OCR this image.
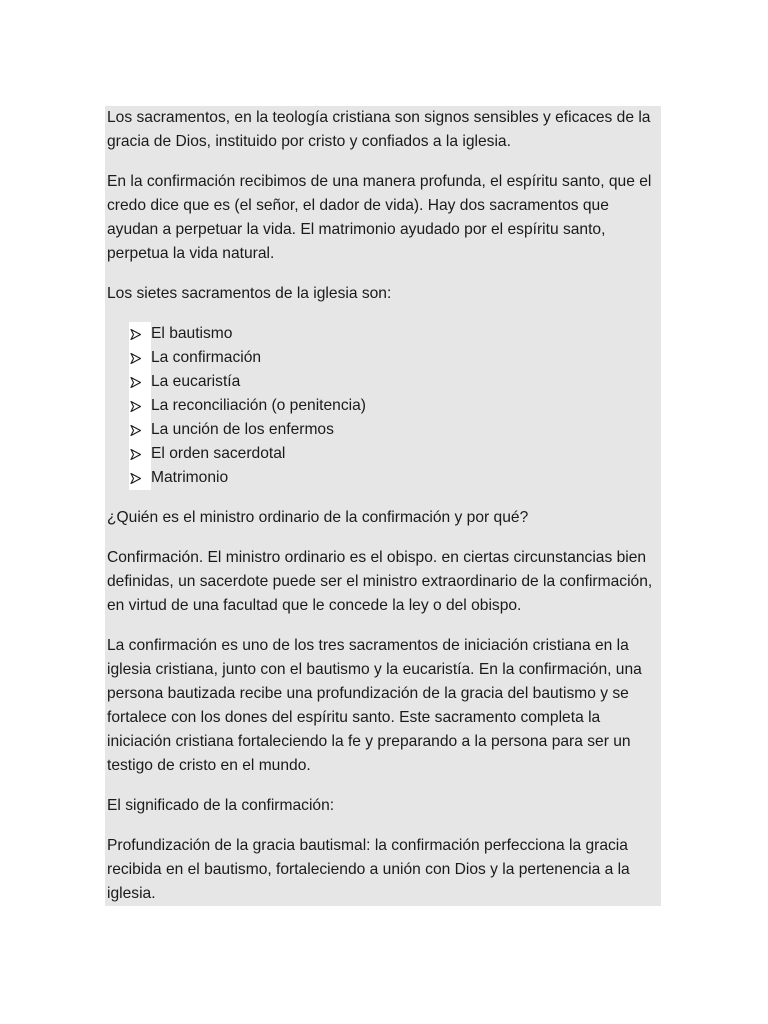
Los sacramentos, en la teología cristiana son signos sensibles y eficaces de la gracia de Dios, instituido por cristo y confiados a la iglesia.

En la confirmación recibimos de una manera profunda, el espíritu santo, que el credo dice que es (el señor, el dador de vida). Hay dos sacramentos que ayudan a perpetuar la vida. El matrimonio ayudado por el espíritu santo, perpetua la vida natural.

Los sietes sacramentos de la iglesia son:

El bautismo
La confirmación
La eucaristía
La reconciliación (o penitencia)
La unción de los enfermos
El orden sacerdotal
Matrimonio

¿Quién es el ministro ordinario de la confirmación y por qué?

Confirmación. El ministro ordinario es el obispo. en ciertas circunstancias bien definidas, un sacerdote puede ser el ministro extraordinario de la confirmación, en virtud de una facultad que le concede la ley o del obispo.

La confirmación es uno de los tres sacramentos de iniciación cristiana en la iglesia cristiana, junto con el bautismo y la eucaristía. En la confirmación, una persona bautizada recibe una profundización de la gracia del bautismo y se fortalece con los dones del espíritu santo. Este sacramento completa la iniciación cristiana fortaleciendo la fe y preparando a la persona para ser un testigo de cristo en el mundo.

El significado de la confirmación:

Profundización de la gracia bautismal: la confirmación perfecciona la gracia recibida en el bautismo, fortaleciendo a unión con Dios y la pertenencia a la iglesia.
